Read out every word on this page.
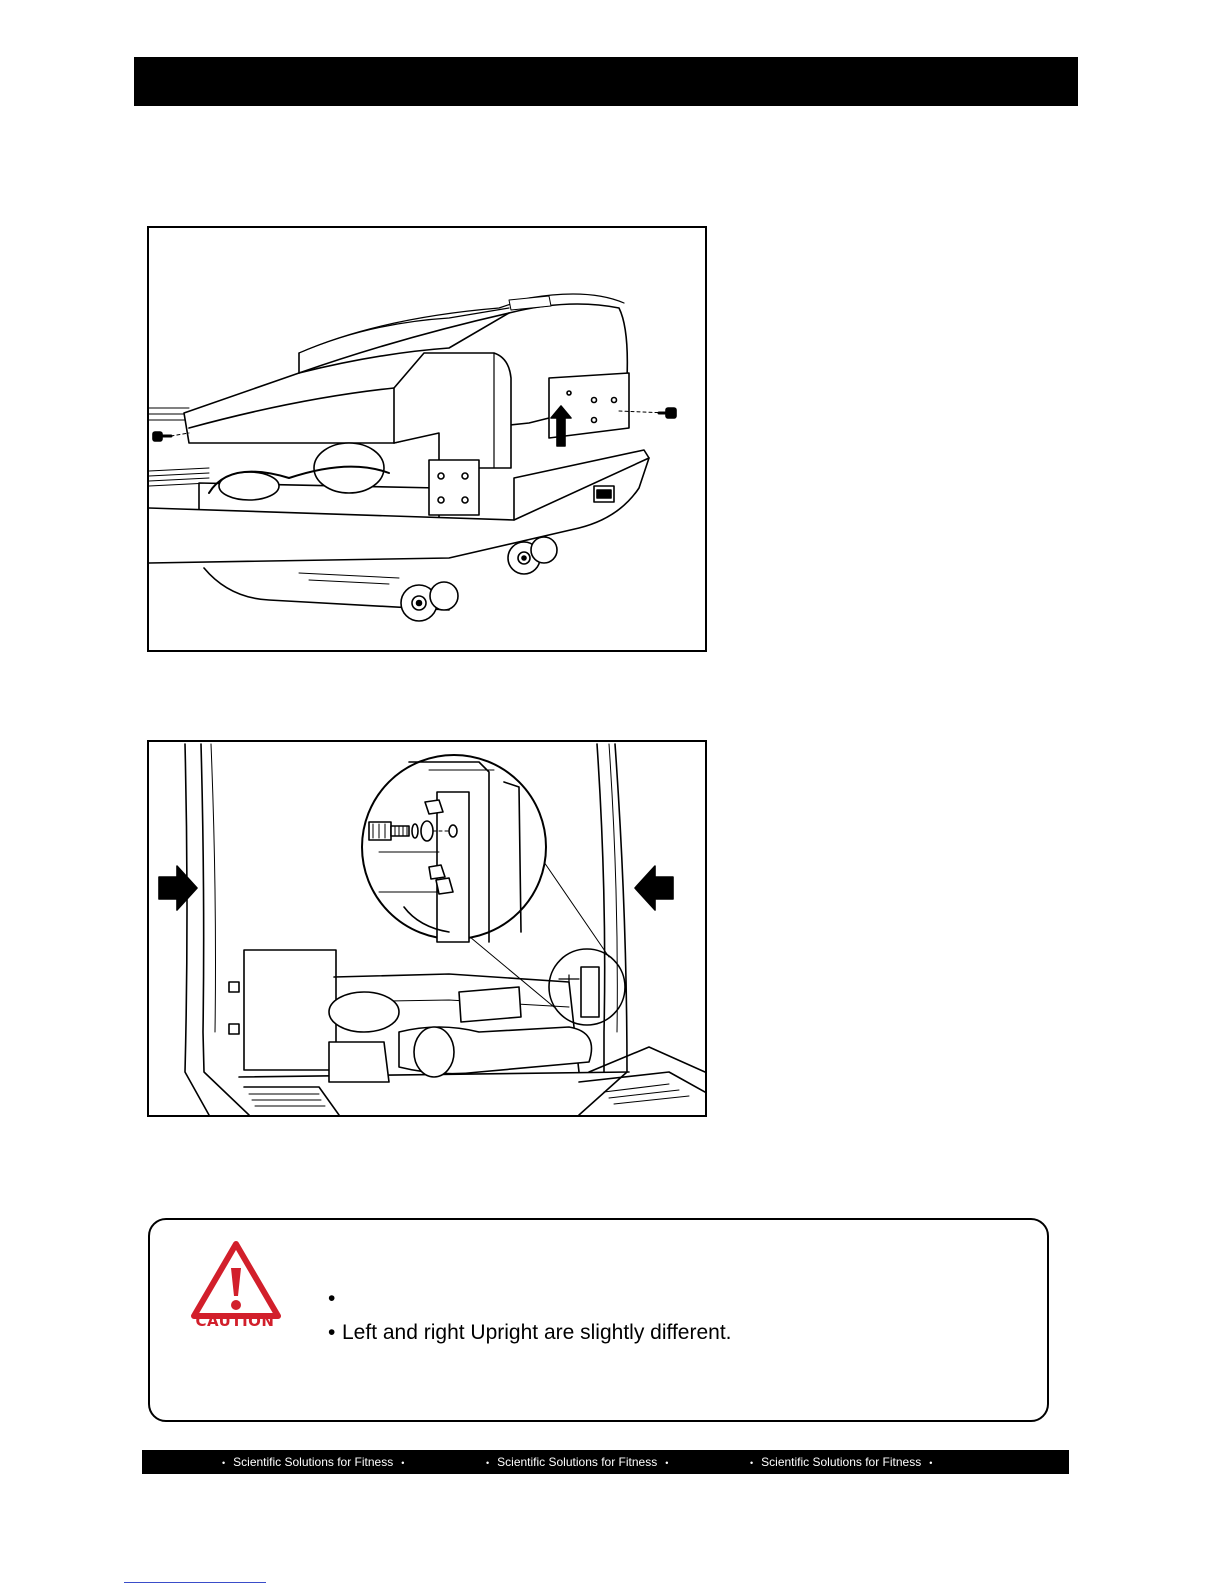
CAUTION
•
• Left and right Upright are slightly different.
• Scientific Solutions for Fitness •	• Scientific Solutions for Fitness •	• Scientific Solutions for Fitness •
